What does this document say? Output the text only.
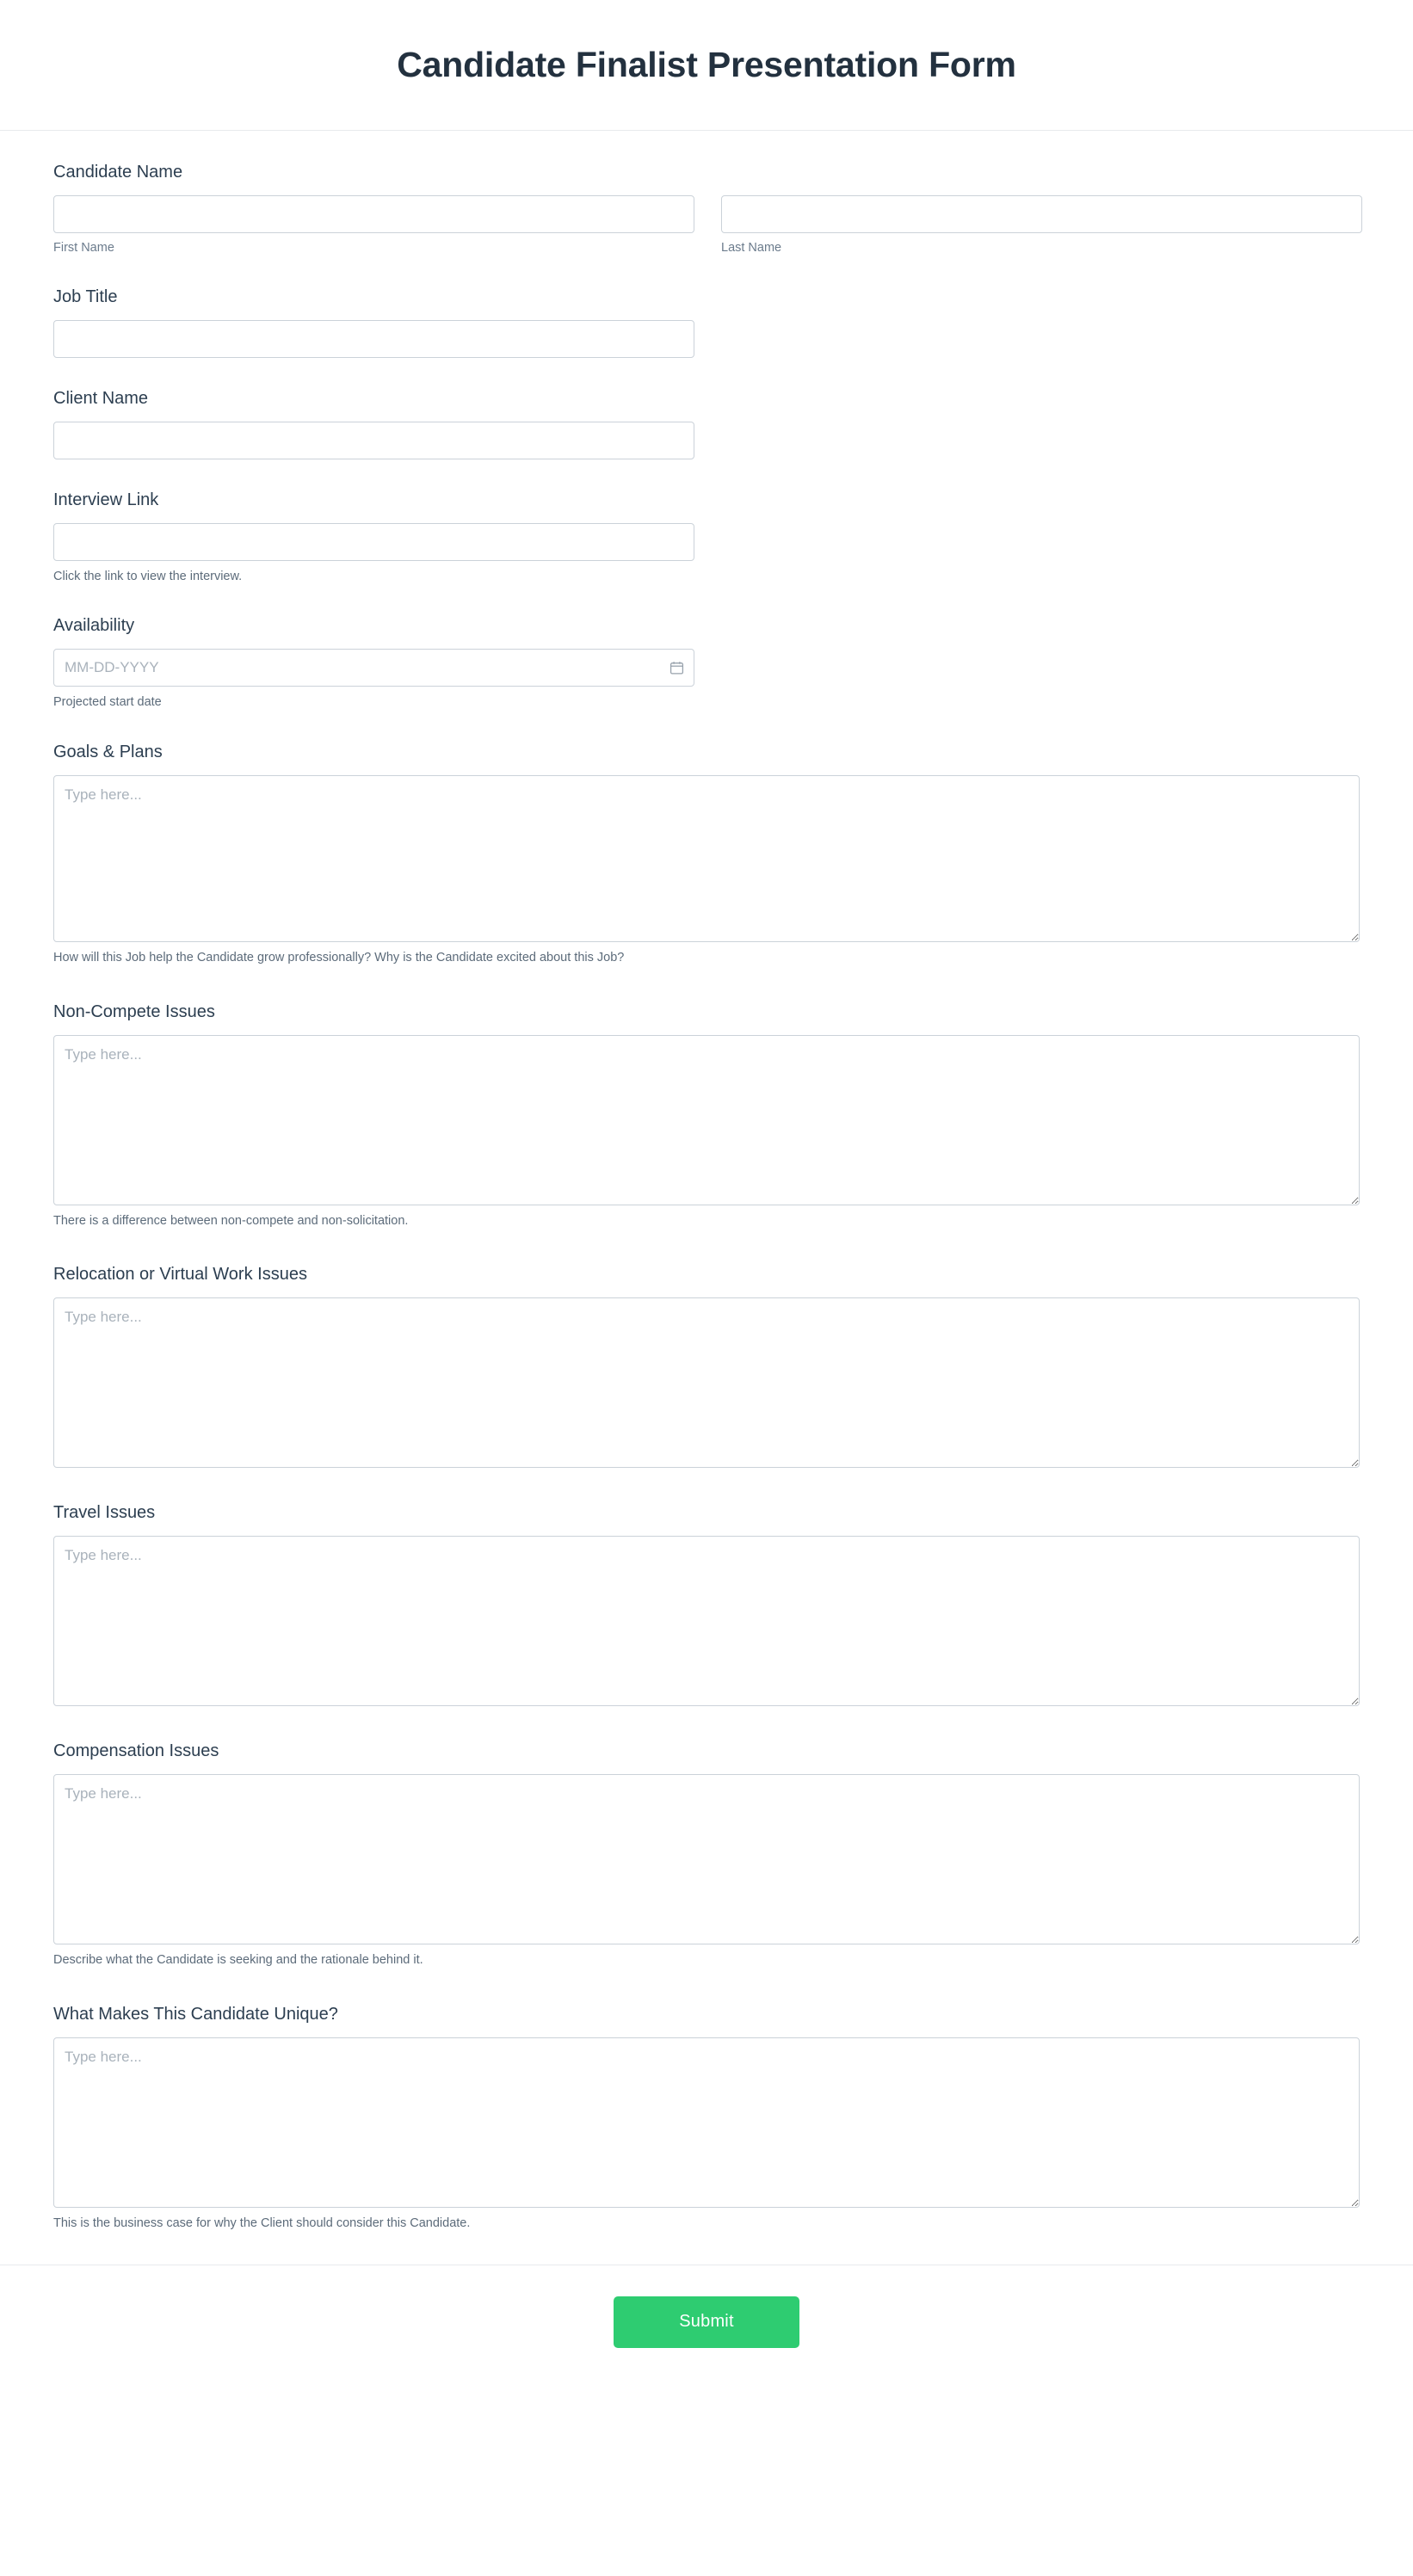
Candidate Finalist Presentation Form
Candidate Name
First Name	Last Name
Job Title
Client Name
Interview Link
Click the link to view the interview.
Availability
MM-DD-YYYY
Projected start date
Goals & Plans
Type here...
How will this Job help the Candidate grow professionally? Why is the Candidate excited about this Job?
Non-Compete Issues
Type here...
There is a difference between non-compete and non-solicitation.
Relocation or Virtual Work Issues
Type here...
Travel Issues
Type here...
Compensation Issues
Type here...
Describe what the Candidate is seeking and the rationale behind it.
What Makes This Candidate Unique?
Type here...
This is the business case for why the Client should consider this Candidate.
Submit
